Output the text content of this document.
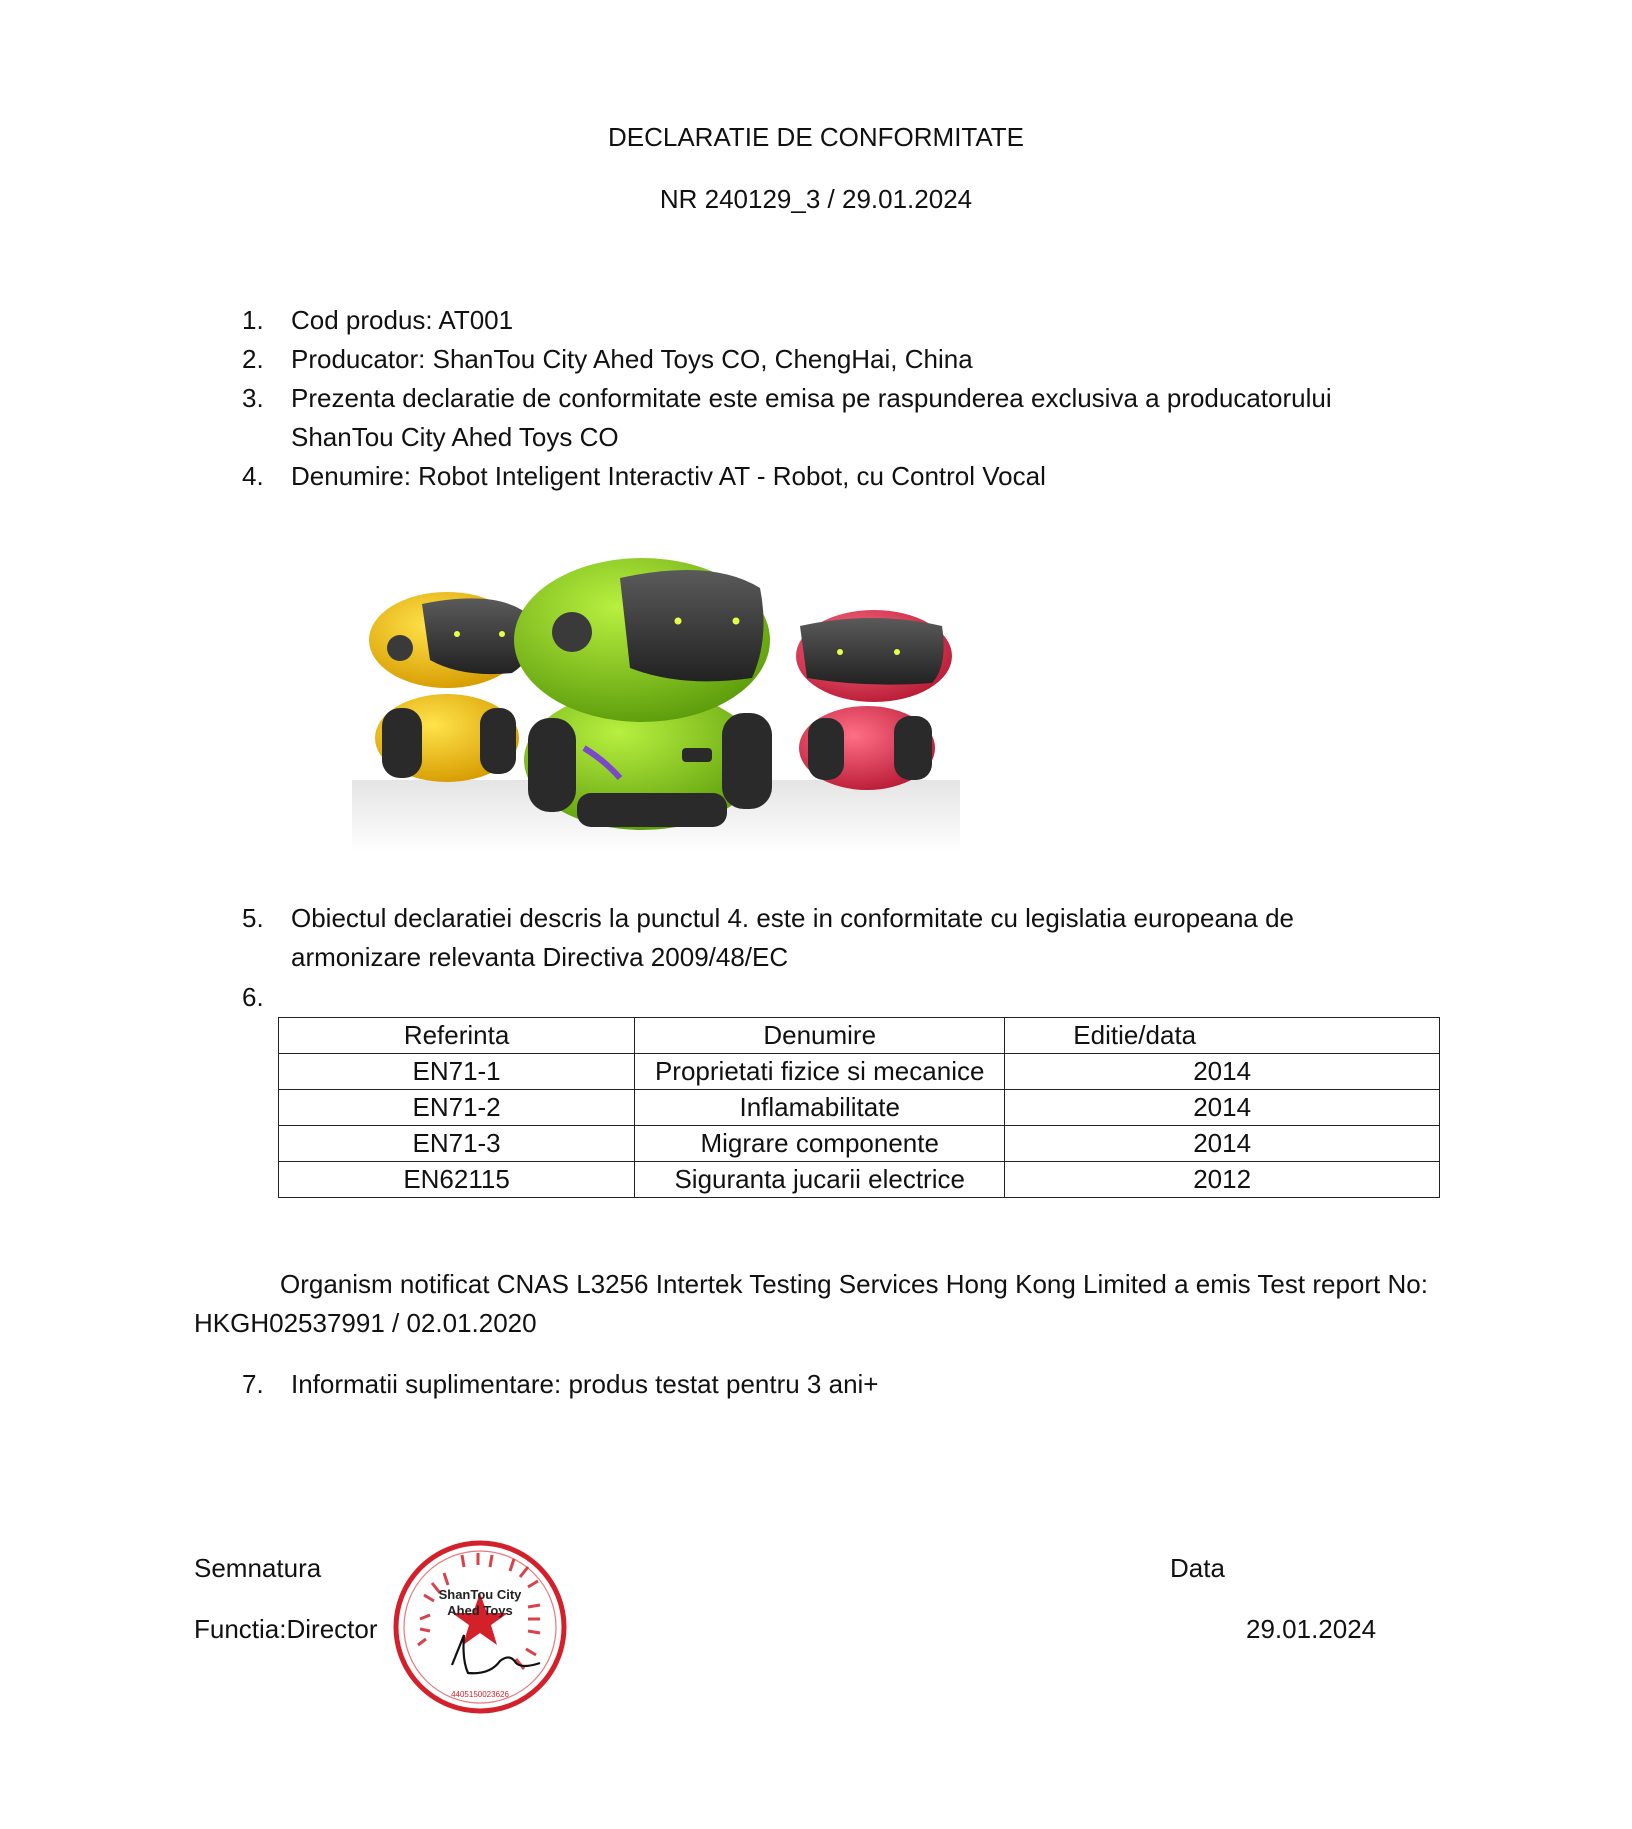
DECLARATIE DE CONFORMITATE
NR 240129_3 / 29.01.2024
1. Cod produs: AT001
2. Producator: ShanTou City Ahed Toys CO, ChengHai, China
3. Prezenta declaratie de conformitate este emisa pe raspunderea exclusiva a producatorului
ShanTou City Ahed Toys CO
4. Denumire: Robot Inteligent Interactiv AT - Robot, cu Control Vocal
5. Obiectul declaratiei descris la punctul 4. este in conformitate cu legislatia europeana de
armonizare relevanta Directiva 2009/48/EC
6.
Referinta	Denumire	Editie/data
EN71-1	Proprietati fizice si mecanice	2014
EN71-2	Inflamabilitate	2014
EN71-3	Migrare componente	2014
EN62115	Siguranta jucarii electrice	2012
Organism notificat CNAS L3256 Intertek Testing Services Hong Kong Limited a emis Test report No:
HKGH02537991 / 02.01.2020
7. Informatii suplimentare: produs testat pentru 3 ani+
Semnatura
Functia:Director
Data
29.01.2024
ShanTou City
Ahed Toys
4405150023626
